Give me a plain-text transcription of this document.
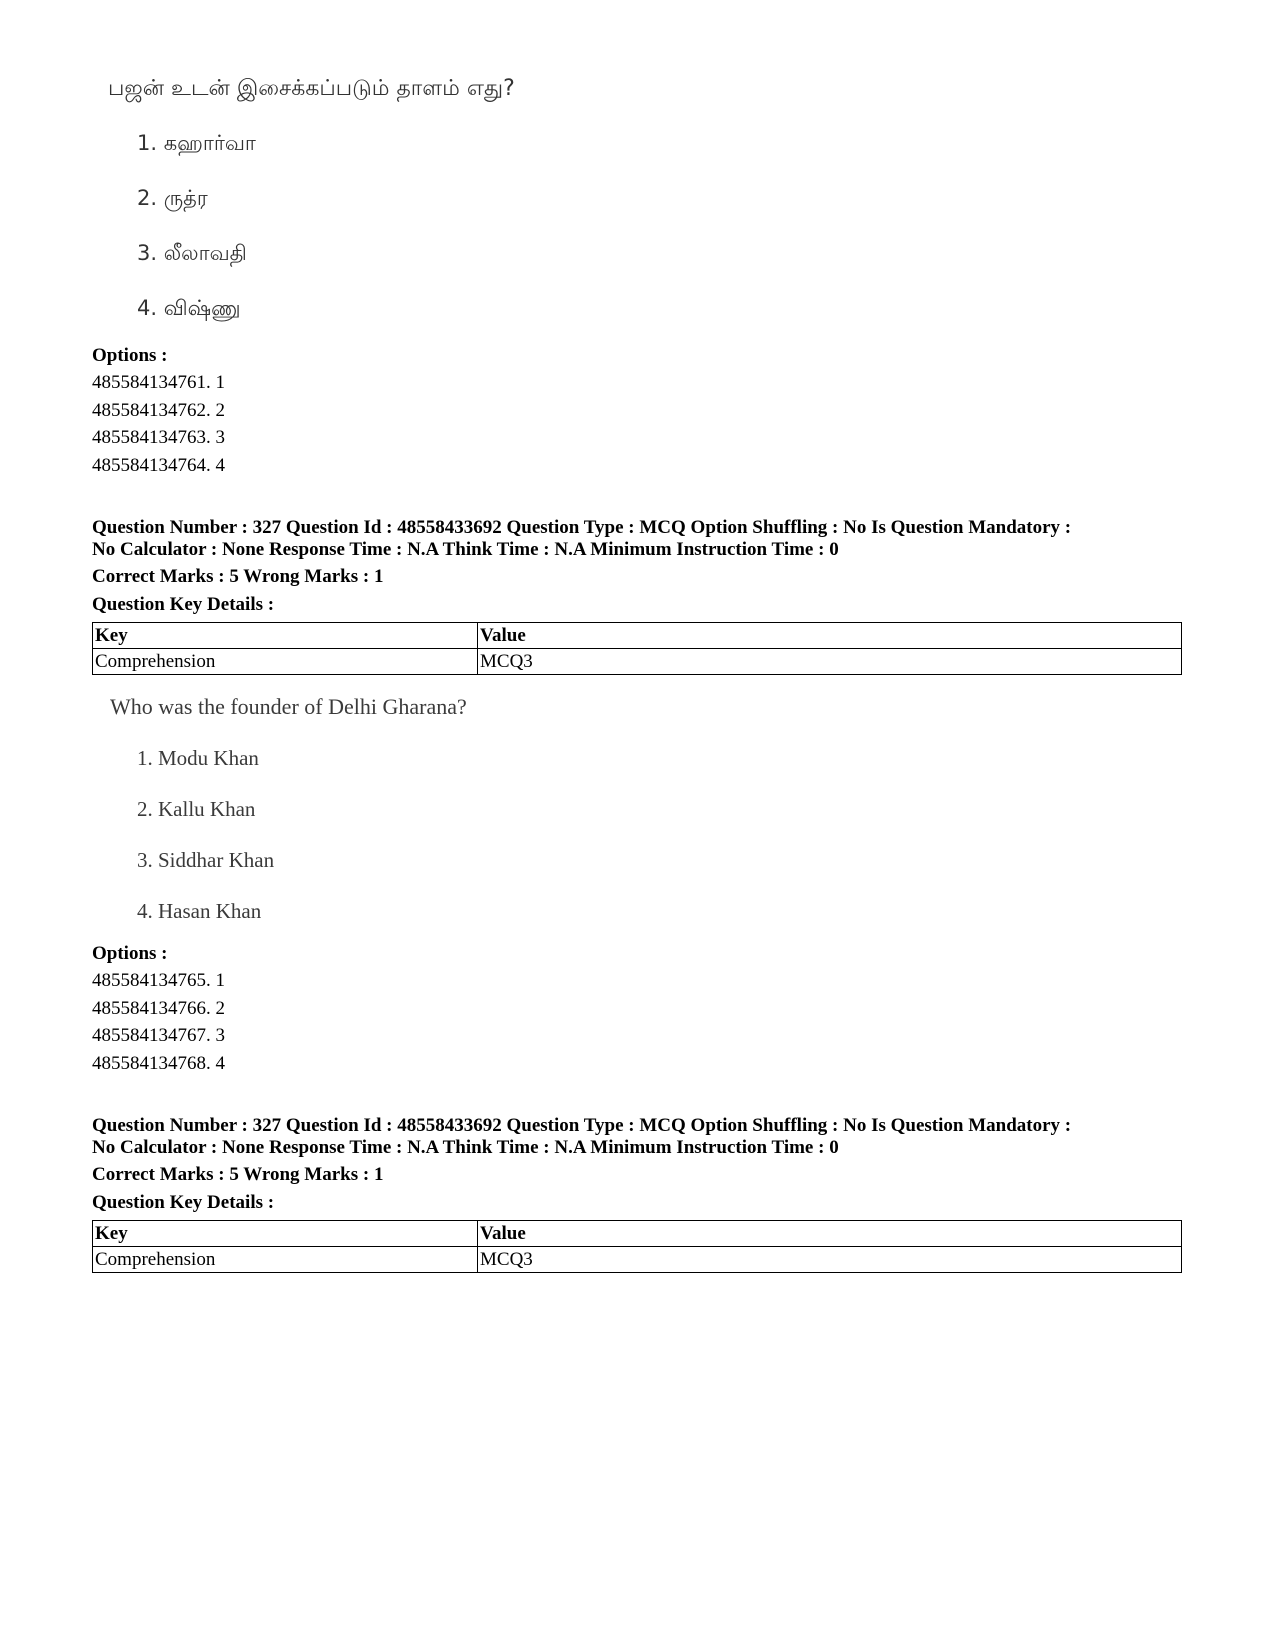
பஜன் உடன் இசைக்கப்படும் தாளம் எது?
1. கஹார்வா
2. ருத்ர
3. லீலாவதி
4. விஷ்ணு
Options :
485584134761. 1
485584134762. 2
485584134763. 3
485584134764. 4
Question Number : 327 Question Id : 48558433692 Question Type : MCQ Option Shuffling : No Is Question Mandatory :
No Calculator : None Response Time : N.A Think Time : N.A Minimum Instruction Time : 0
Correct Marks : 5 Wrong Marks : 1
Question Key Details :
Key	Value
Comprehension	MCQ3
Who was the founder of Delhi Gharana?
1. Modu Khan
2. Kallu Khan
3. Siddhar Khan
4. Hasan Khan
Options :
485584134765. 1
485584134766. 2
485584134767. 3
485584134768. 4
Question Number : 327 Question Id : 48558433692 Question Type : MCQ Option Shuffling : No Is Question Mandatory :
No Calculator : None Response Time : N.A Think Time : N.A Minimum Instruction Time : 0
Correct Marks : 5 Wrong Marks : 1
Question Key Details :
Key	Value
Comprehension	MCQ3
